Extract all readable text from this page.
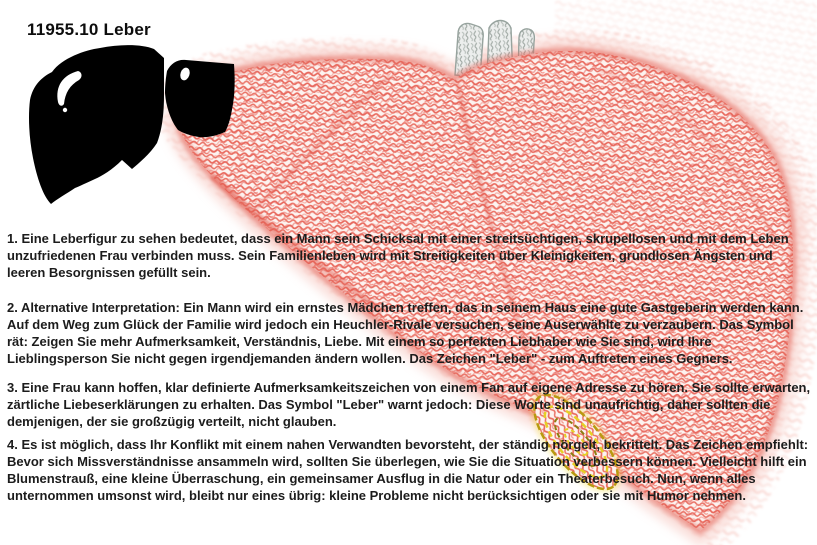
11955.10 Leber

1. Eine Leberfigur zu sehen bedeutet, dass ein Mann sein Schicksal mit einer streitsüchtigen, skrupellosen und mit dem Leben unzufriedenen Frau verbinden muss. Sein Familienleben wird mit Streitigkeiten über Kleinigkeiten, grundlosen Ängsten und leeren Besorgnissen gefüllt sein.

2. Alternative Interpretation: Ein Mann wird ein ernstes Mädchen treffen, das in seinem Haus eine gute Gastgeberin werden kann. Auf dem Weg zum Glück der Familie wird jedoch ein Heuchler-Rivale versuchen, seine Auserwählte zu verzaubern. Das Symbol rät: Zeigen Sie mehr Aufmerksamkeit, Verständnis, Liebe. Mit einem so perfekten Liebhaber wie Sie sind, wird Ihre Lieblingsperson Sie nicht gegen irgendjemanden ändern wollen. Das Zeichen "Leber" - zum Auftreten eines Gegners.

3. Eine Frau kann hoffen, klar definierte Aufmerksamkeitszeichen von einem Fan auf eigene Adresse zu hören. Sie sollte erwarten, zärtliche Liebeserklärungen zu erhalten. Das Symbol "Leber" warnt jedoch: Diese Worte sind unaufrichtig, daher sollten die demjenigen, der sie großzügig verteilt, nicht glauben.

4. Es ist möglich, dass Ihr Konflikt mit einem nahen Verwandten bevorsteht, der ständig nörgelt, bekrittelt. Das Zeichen empfiehlt: Bevor sich Missverständnisse ansammeln wird, sollten Sie überlegen, wie Sie die Situation verbessern können. Vielleicht hilft ein Blumenstrauß, eine kleine Überraschung, ein gemeinsamer Ausflug in die Natur oder ein Theaterbesuch. Nun, wenn alles unternommen umsonst wird, bleibt nur eines übrig: kleine Probleme nicht berücksichtigen oder sie mit Humor nehmen.
